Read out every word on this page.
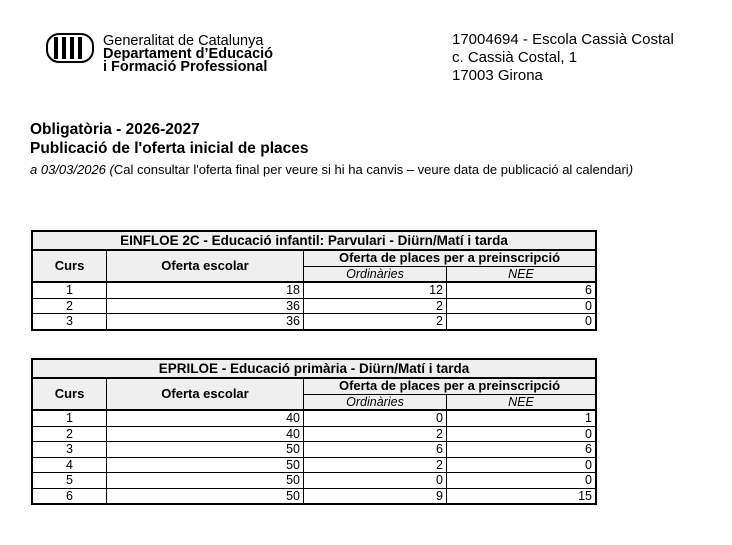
Generalitat de Catalunya
Departament d’Educació
i Formació Professional
17004694 - Escola Cassià Costal
c. Cassià Costal, 1
17003 Girona
Obligatòria - 2026-2027
Publicació de l'oferta inicial de places
a 03/03/2026 (Cal consultar l'oferta final per veure si hi ha canvis – veure data de publicació al calendari)
EINFLOE 2C - Educació infantil: Parvulari - Diürn/Matí i tarda			
Curs	Oferta escolar	Oferta de places per a preinscripció	
		Ordinàries	NEE
1	18	12	6
2	36	2	0
3	36	2	0
EPRILOE - Educació primària - Diürn/Matí i tarda			
Curs	Oferta escolar	Oferta de places per a preinscripció	
		Ordinàries	NEE
1	40	0	1
2	40	2	0
3	50	6	6
4	50	2	0
5	50	0	0
6	50	9	15
